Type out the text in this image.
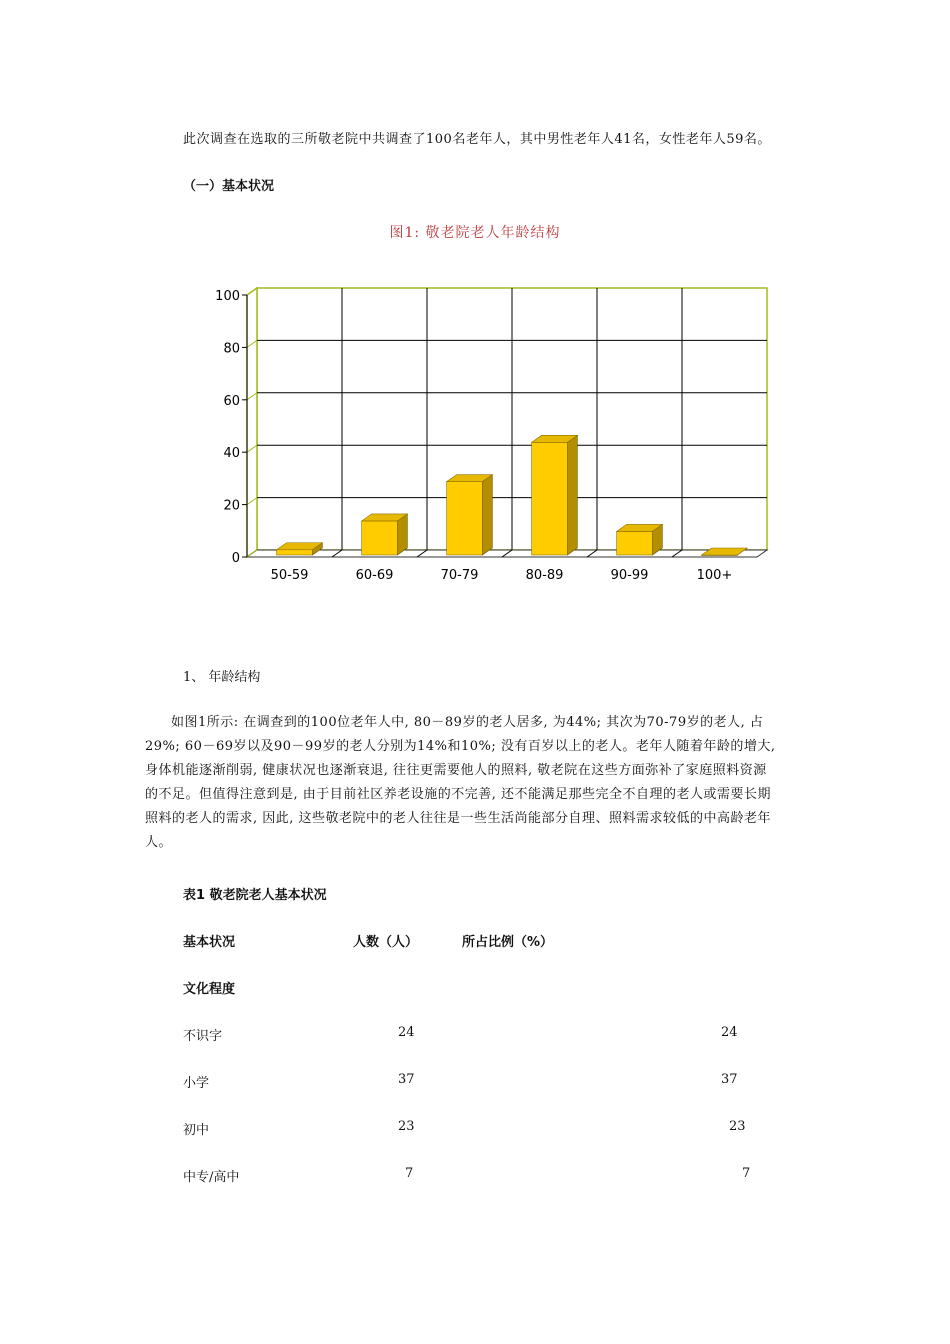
此次调查在选取的三所敬老院中共调查了100名老年人，其中男性老年人41名，女性老年人59名。
（一）基本状况
图1: 敬老院老人年龄结构
0
20
40
60
80
100
50-59	60-69	70-79	80-89	90-99	100+
1、 年龄结构
如图1所示: 在调查到的100位老年人中, 80－89岁的老人居多, 为44%; 其次为70-79岁的老人, 占
29%; 60－69岁以及90－99岁的老人分别为14%和10%; 没有百岁以上的老人。老年人随着年龄的增大,
身体机能逐渐削弱, 健康状况也逐渐衰退, 往往更需要他人的照料, 敬老院在这些方面弥补了家庭照料资源
的不足。但值得注意到是, 由于目前社区养老设施的不完善, 还不能满足那些完全不自理的老人或需要长期
照料的老人的需求, 因此, 这些敬老院中的老人往往是一些生活尚能部分自理、照料需求较低的中高龄老年
人。
表1 敬老院老人基本状况
基本状况	人数（人）	所占比例（%）
文化程度
不识字	24	24
小学	37	37
初中	23	23
中专/高中	7	7
